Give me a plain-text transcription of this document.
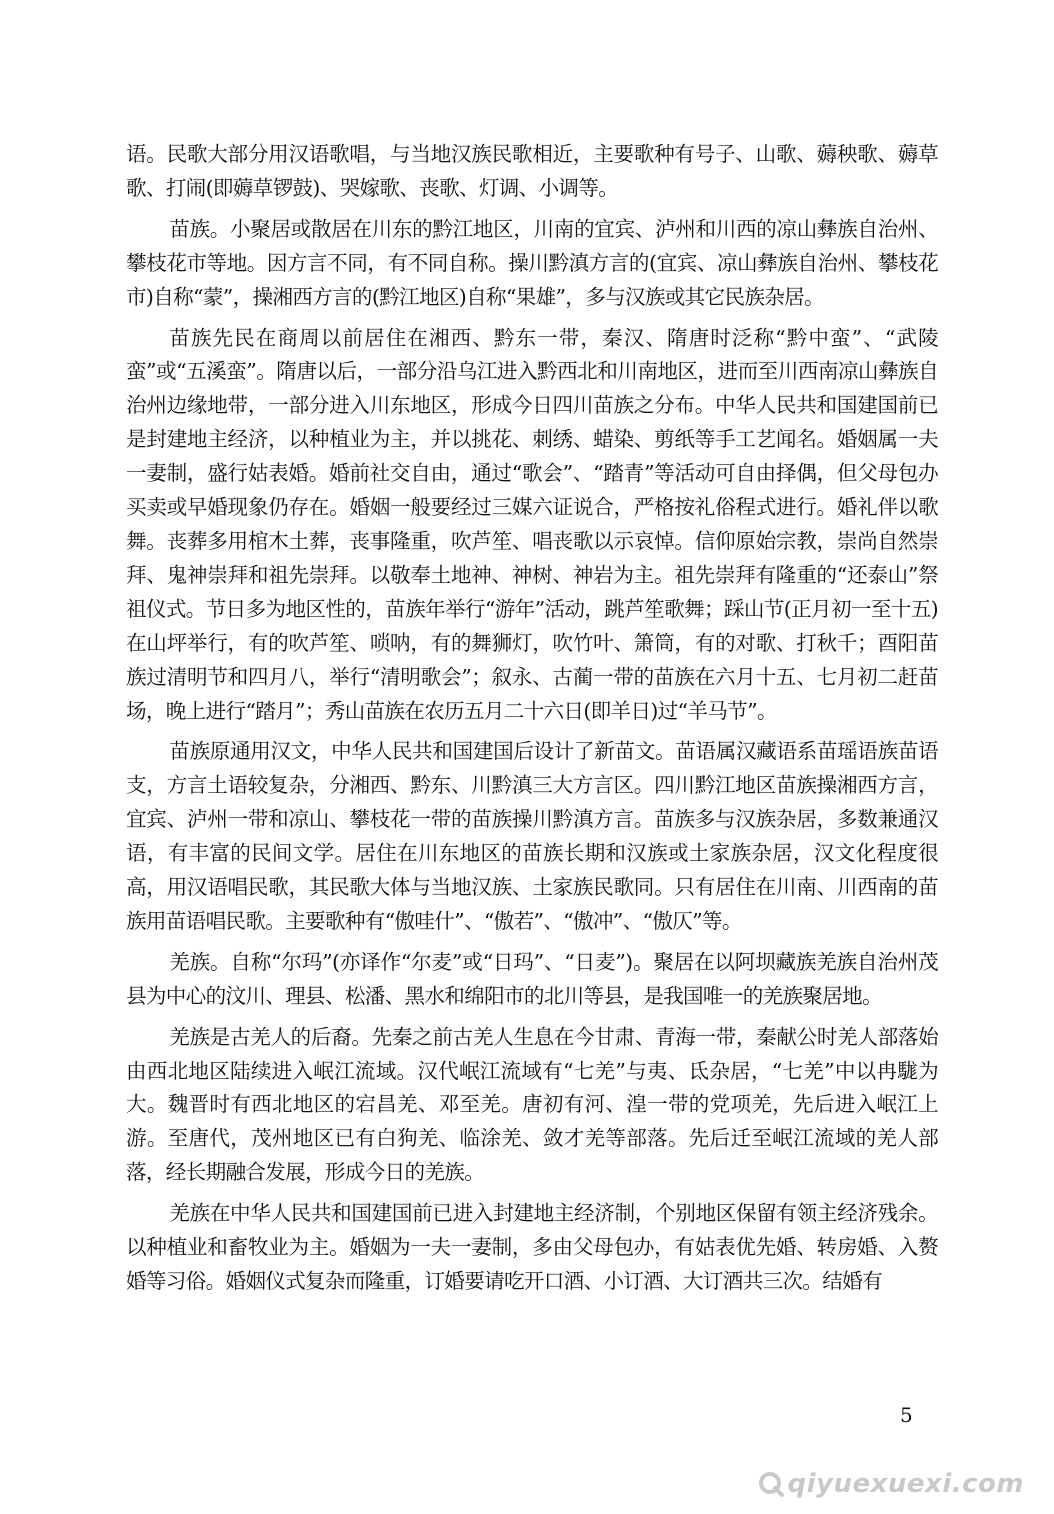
语。民歌大部分用汉语歌唱，与当地汉族民歌相近，主要歌种有号子、山歌、薅秧歌、薅草歌、打闹(即薅草锣鼓)、哭嫁歌、丧歌、灯调、小调等。

苗族。小聚居或散居在川东的黔江地区，川南的宜宾、泸州和川西的凉山彝族自治州、攀枝花市等地。因方言不同，有不同自称。操川黔滇方言的(宜宾、凉山彝族自治州、攀枝花市)自称“蒙”，操湘西方言的(黔江地区)自称“果雄”，多与汉族或其它民族杂居。

苗族先民在商周以前居住在湘西、黔东一带，秦汉、隋唐时泛称“黔中蛮”、“武陵蛮”或“五溪蛮”。隋唐以后，一部分沿乌江进入黔西北和川南地区，进而至川西南凉山彝族自治州边缘地带，一部分进入川东地区，形成今日四川苗族之分布。中华人民共和国建国前已是封建地主经济，以种植业为主，并以挑花、刺绣、蜡染、剪纸等手工艺闻名。婚姻属一夫一妻制，盛行姑表婚。婚前社交自由，通过“歌会”、“踏青”等活动可自由择偶，但父母包办买卖或早婚现象仍存在。婚姻一般要经过三媒六证说合，严格按礼俗程式进行。婚礼伴以歌舞。丧葬多用棺木土葬，丧事隆重，吹芦笙、唱丧歌以示哀悼。信仰原始宗教，崇尚自然崇拜、鬼神崇拜和祖先崇拜。以敬奉土地神、神树、神岩为主。祖先崇拜有隆重的“还泰山”祭祖仪式。节日多为地区性的，苗族年举行“游年”活动，跳芦笙歌舞；踩山节(正月初一至十五)在山坪举行，有的吹芦笙、唢呐，有的舞狮灯，吹竹叶、箫筒，有的对歌、打秋千；酉阳苗族过清明节和四月八，举行“清明歌会”；叙永、古蔺一带的苗族在六月十五、七月初二赶苗场，晚上进行“踏月”；秀山苗族在农历五月二十六日(即羊日)过“羊马节”。

苗族原通用汉文，中华人民共和国建国后设计了新苗文。苗语属汉藏语系苗瑶语族苗语支，方言土语较复杂，分湘西、黔东、川黔滇三大方言区。四川黔江地区苗族操湘西方言，宜宾、泸州一带和凉山、攀枝花一带的苗族操川黔滇方言。苗族多与汉族杂居，多数兼通汉语，有丰富的民间文学。居住在川东地区的苗族长期和汉族或土家族杂居，汉文化程度很高，用汉语唱民歌，其民歌大体与当地汉族、土家族民歌同。只有居住在川南、川西南的苗族用苗语唱民歌。主要歌种有“傲哇什”、“傲若”、“傲冲”、“傲仄”等。

羌族。自称“尔玛”(亦译作“尔麦”或“日玛”、“日麦”)。聚居在以阿坝藏族羌族自治州茂县为中心的汶川、理县、松潘、黑水和绵阳市的北川等县，是我国唯一的羌族聚居地。

羌族是古羌人的后裔。先秦之前古羌人生息在今甘肃、青海一带，秦献公时羌人部落始由西北地区陆续进入岷江流域。汉代岷江流域有“七羌”与夷、氐杂居，“七羌”中以冉駹为大。魏晋时有西北地区的宕昌羌、邓至羌。唐初有河、湟一带的党项羌，先后进入岷江上游。至唐代，茂州地区已有白狗羌、临涂羌、敛才羌等部落。先后迁至岷江流域的羌人部落，经长期融合发展，形成今日的羌族。

羌族在中华人民共和国建国前已进入封建地主经济制，个别地区保留有领主经济残余。以种植业和畜牧业为主。婚姻为一夫一妻制，多由父母包办，有姑表优先婚、转房婚、入赘婚等习俗。婚姻仪式复杂而隆重，订婚要请吃开口酒、小订酒、大订酒共三次。结婚有

5
qiyuexuexi.com
